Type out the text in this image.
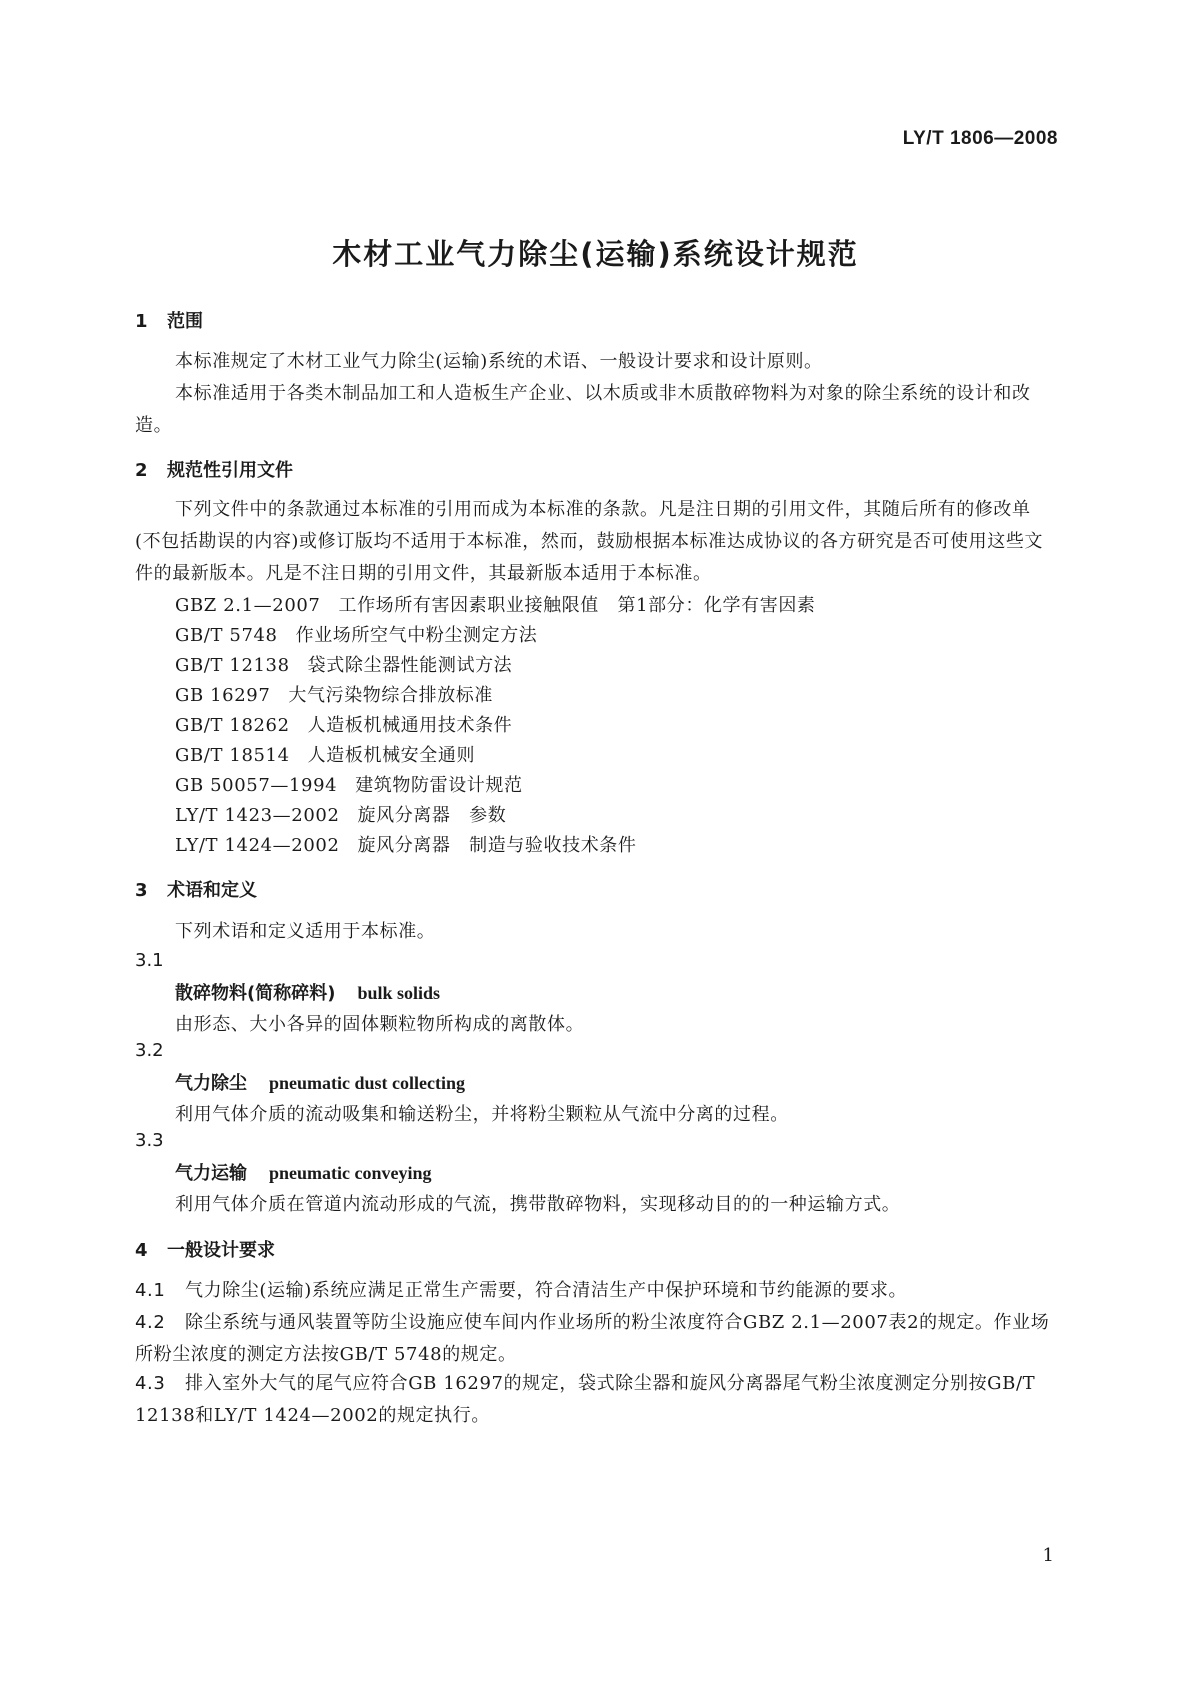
LY/T 1806—2008
木材工业气力除尘(运输)系统设计规范
1 范围

本标准规定了木材工业气力除尘(运输)系统的术语、一般设计要求和设计原则。

本标准适用于各类木制品加工和人造板生产企业、以木质或非木质散碎物料为对象的除尘系统的设计和改造。

2 规范性引用文件

下列文件中的条款通过本标准的引用而成为本标准的条款。凡是注日期的引用文件，其随后所有的修改单(不包括勘误的内容)或修订版均不适用于本标准，然而，鼓励根据本标准达成协议的各方研究是否可使用这些文件的最新版本。凡是不注日期的引用文件，其最新版本适用于本标准。

GBZ 2.1—2007 工作场所有害因素职业接触限值　第1部分：化学有害因素
GB/T 5748 作业场所空气中粉尘测定方法
GB/T 12138 袋式除尘器性能测试方法
GB 16297 大气污染物综合排放标准
GB/T 18262 人造板机械通用技术条件
GB/T 18514 人造板机械安全通则
GB 50057—1994 建筑物防雷设计规范
LY/T 1423—2002 旋风分离器　参数
LY/T 1424—2002 旋风分离器　制造与验收技术条件
3 术语和定义
下列术语和定义适用于本标准。
3.1
散碎物料(简称碎料) bulk solids
由形态、大小各异的固体颗粒物所构成的离散体。
3.2
气力除尘 pneumatic dust collecting
利用气体介质的流动吸集和输送粉尘，并将粉尘颗粒从气流中分离的过程。
3.3
气力运输 pneumatic conveying
利用气体介质在管道内流动形成的气流，携带散碎物料，实现移动目的的一种运输方式。
4 一般设计要求

4.1 气力除尘(运输)系统应满足正常生产需要，符合清洁生产中保护环境和节约能源的要求。

4.2 除尘系统与通风装置等防尘设施应使车间内作业场所的粉尘浓度符合GBZ 2.1—2007表2的规定。作业场所粉尘浓度的测定方法按GB/T 5748的规定。

4.3 排入室外大气的尾气应符合GB 16297的规定，袋式除尘器和旋风分离器尾气粉尘浓度测定分别按GB/T 12138和LY/T 1424—2002的规定执行。

1
